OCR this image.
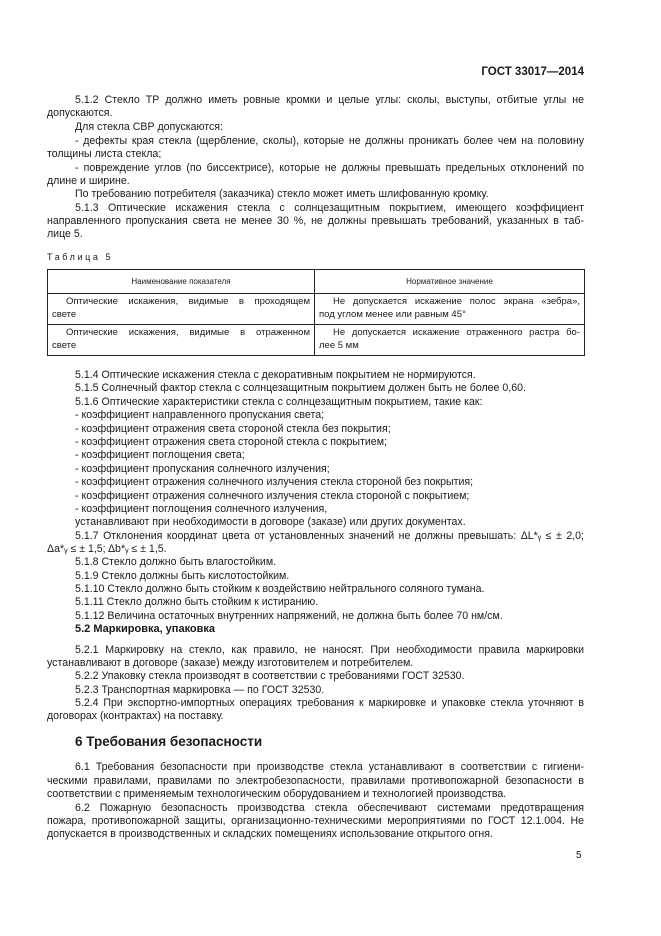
ГОСТ 33017—2014
5.1.2 Стекло ТР должно иметь ровные кромки и целые углы: сколы, выступы, отбитые углы не
допускаются.
Для стекла СВР допускаются:
- дефекты края стекла (щербление, сколы), которые не должны проникать более чем на половину
толщины листа стекла;
- повреждение углов (по биссектрисе), которые не должны превышать предельных отклонений по
длине и ширине.
По требованию потребителя (заказчика) стекло может иметь шлифованную кромку.
5.1.3 Оптические искажения стекла с солнцезащитным покрытием, имеющего коэффициент
направленного пропускания света не менее 30 %, не должны превышать требований, указанных в таб-
лице 5.
Таблица 5
Наименование показателя	Нормативное значение

Оптические искажения, видимые в проходящем
свете	Не допускается искажение полос экрана «зебра»,
под углом менее или равным 45°

Оптические искажения, видимые в отраженном
свете	Не допускается искажение отраженного растра бо-
лее 5 мм
5.1.4 Оптические искажения стекла с декоративным покрытием не нормируются.
5.1.5 Солнечный фактор стекла с солнцезащитным покрытием должен быть не более 0,60.
5.1.6 Оптические характеристики стекла с солнцезащитным покрытием, такие как:
- коэффициент направленного пропускания света;
- коэффициент отражения света стороной стекла без покрытия;
- коэффициент отражения света стороной стекла с покрытием;
- коэффициент поглощения света;
- коэффициент пропускания солнечного излучения;
- коэффициент отражения солнечного излучения стекла стороной без покрытия;
- коэффициент отражения солнечного излучения стекла стороной с покрытием;
- коэффициент поглощения солнечного излучения,
устанавливают при необходимости в договоре (заказе) или других документах.
5.1.7 Отклонения координат цвета от установленных значений не должны превышать: ΔL*ᵧ ≤ ± 2,0;
Δa*ᵧ ≤ ± 1,5; Δb*ᵧ ≤ ± 1,5.
5.1.8 Стекло должно быть влагостойким.
5.1.9 Стекло должны быть кислотостойким.
5.1.10 Стекло должно быть стойким к воздействию нейтрального соляного тумана.
5.1.11 Стекло должно быть стойким к истиранию.
5.1.12 Величина остаточных внутренних напряжений, не должна быть более 70 нм/см.
5.2 Маркировка, упаковка
5.2.1 Маркировку на стекло, как правило, не наносят. При необходимости правила маркировки
устанавливают в договоре (заказе) между изготовителем и потребителем.
5.2.2 Упаковку стекла производят в соответствии с требованиями ГОСТ 32530.
5.2.3 Транспортная маркировка — по ГОСТ 32530.
5.2.4 При экспортно-импортных операциях требования к маркировке и упаковке стекла уточняют в
договорах (контрактах) на поставку.
6 Требования безопасности
6.1 Требования безопасности при производстве стекла устанавливают в соответствии с гигиени-
ческими правилами, правилами по электробезопасности, правилами противопожарной безопасности в
соответствии с применяемым технологическим оборудованием и технологией производства.
6.2 Пожарную безопасность производства стекла обеспечивают системами предотвращения
пожара, противопожарной защиты, организационно-техническими мероприятиями по ГОСТ 12.1.004. Не
допускается в производственных и складских помещениях использование открытого огня.
5
